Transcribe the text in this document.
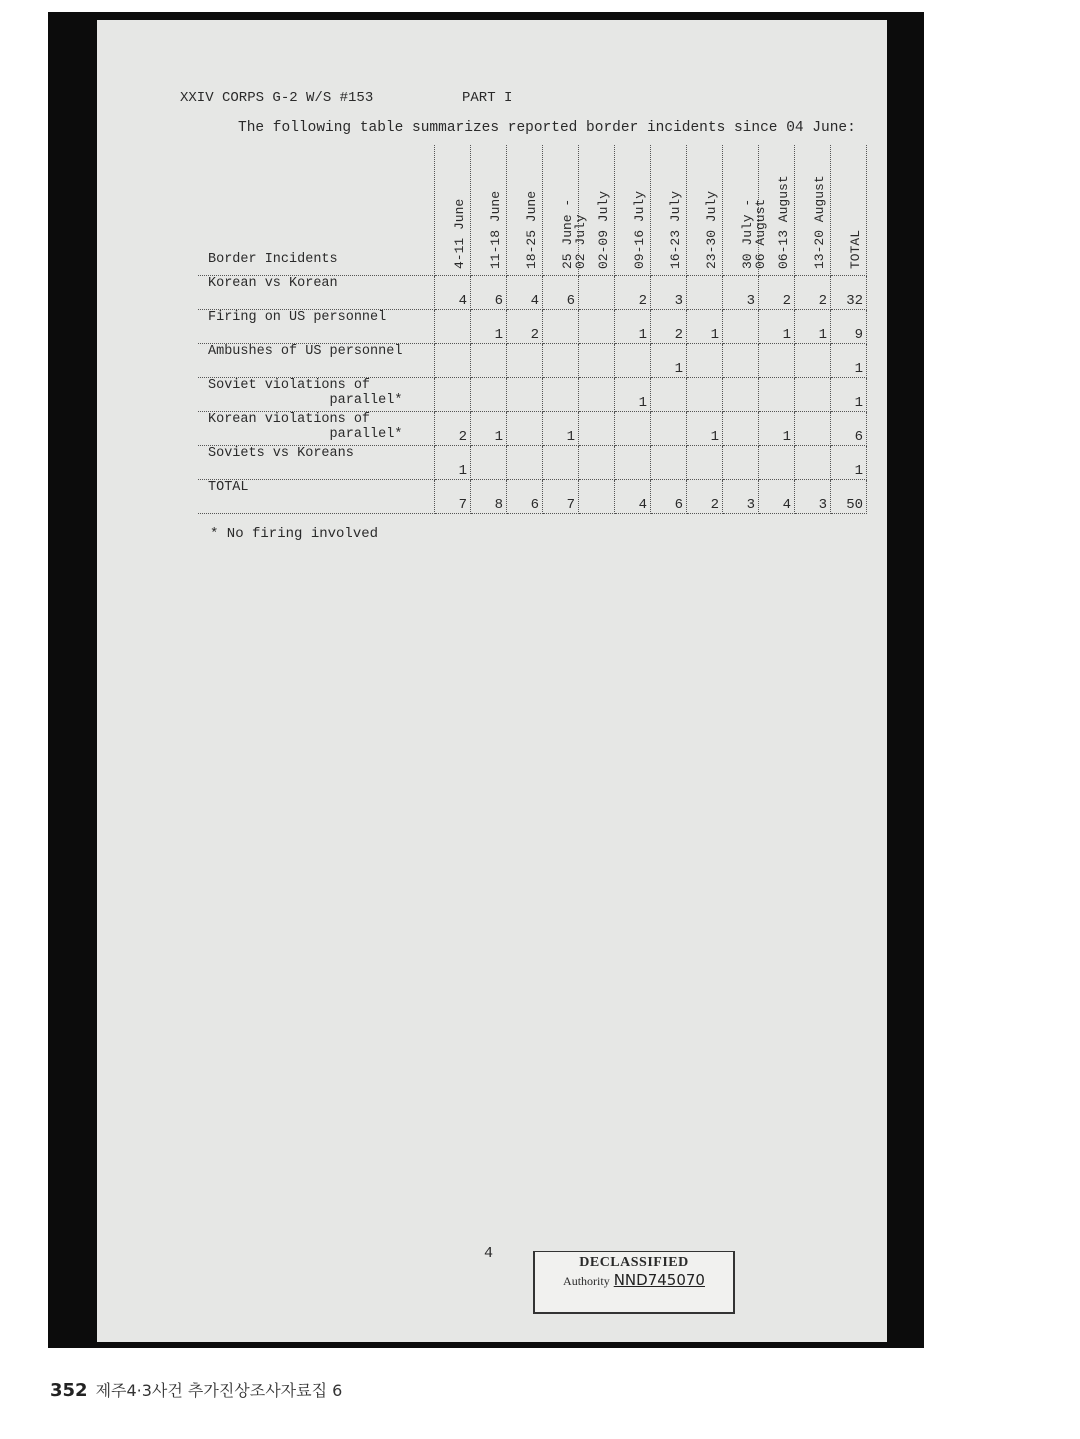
XXIV CORPS G-2 W/S #153	PART I
The following table summarizes reported border incidents since 04 June:
Border Incidents	4-11 June	11-18 June	18-25 June	25 June -
02 July	02-09 July	09-16 July	16-23 July	23-30 July	30 July -
06 August	06-13 August	13-20 August	TOTAL

Korean vs Korean	4	6	4	6		2	3		3	2	2	32
Firing on US personnel		1	2			1	2	1		1	1	9
Ambushes of US personnel							1					1
Soviet violations of
parallel*						1						1
Korean violations of
parallel*	2	1		1				1		1		6
Soviets vs Koreans	1											1
TOTAL	7	8	6	7		4	6	2	3	4	3	50
* No firing involved
4
DECLASSIFIED
Authority NND745070
352 제주4·3사건 추가진상조사자료집 6
